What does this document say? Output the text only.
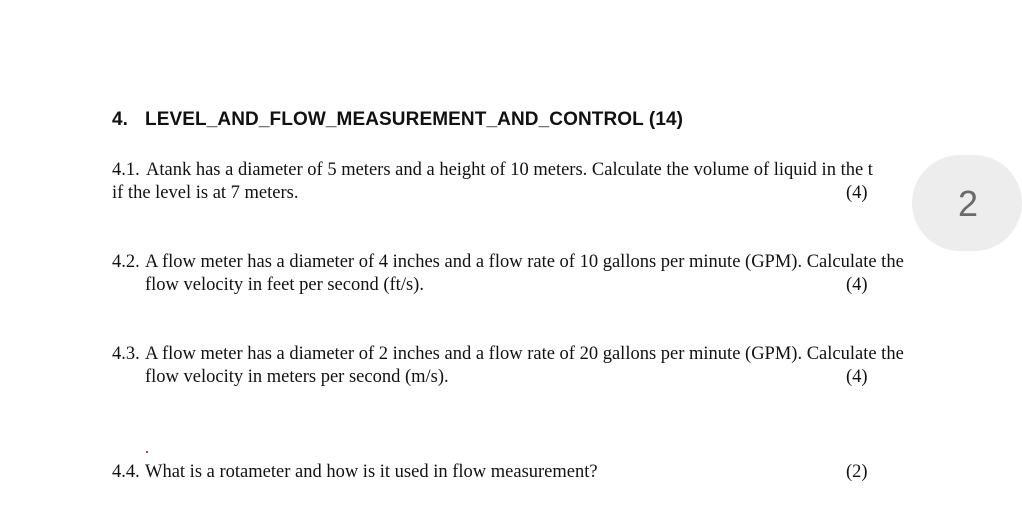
4. LEVEL_AND_FLOW_MEASUREMENT_AND_CONTROL (14)
4.1. Atank has a diameter of 5 meters and a height of 10 meters. Calculate the volume of liquid in the t
if the level is at 7 meters.	(4)
4.2. A flow meter has a diameter of 4 inches and a flow rate of 10 gallons per minute (GPM). Calculate the
flow velocity in feet per second (ft/s).	(4)
4.3. A flow meter has a diameter of 2 inches and a flow rate of 20 gallons per minute (GPM). Calculate the
flow velocity in meters per second (m/s).	(4)
4.4. What is a rotameter and how is it used in flow measurement?	(2)
2
